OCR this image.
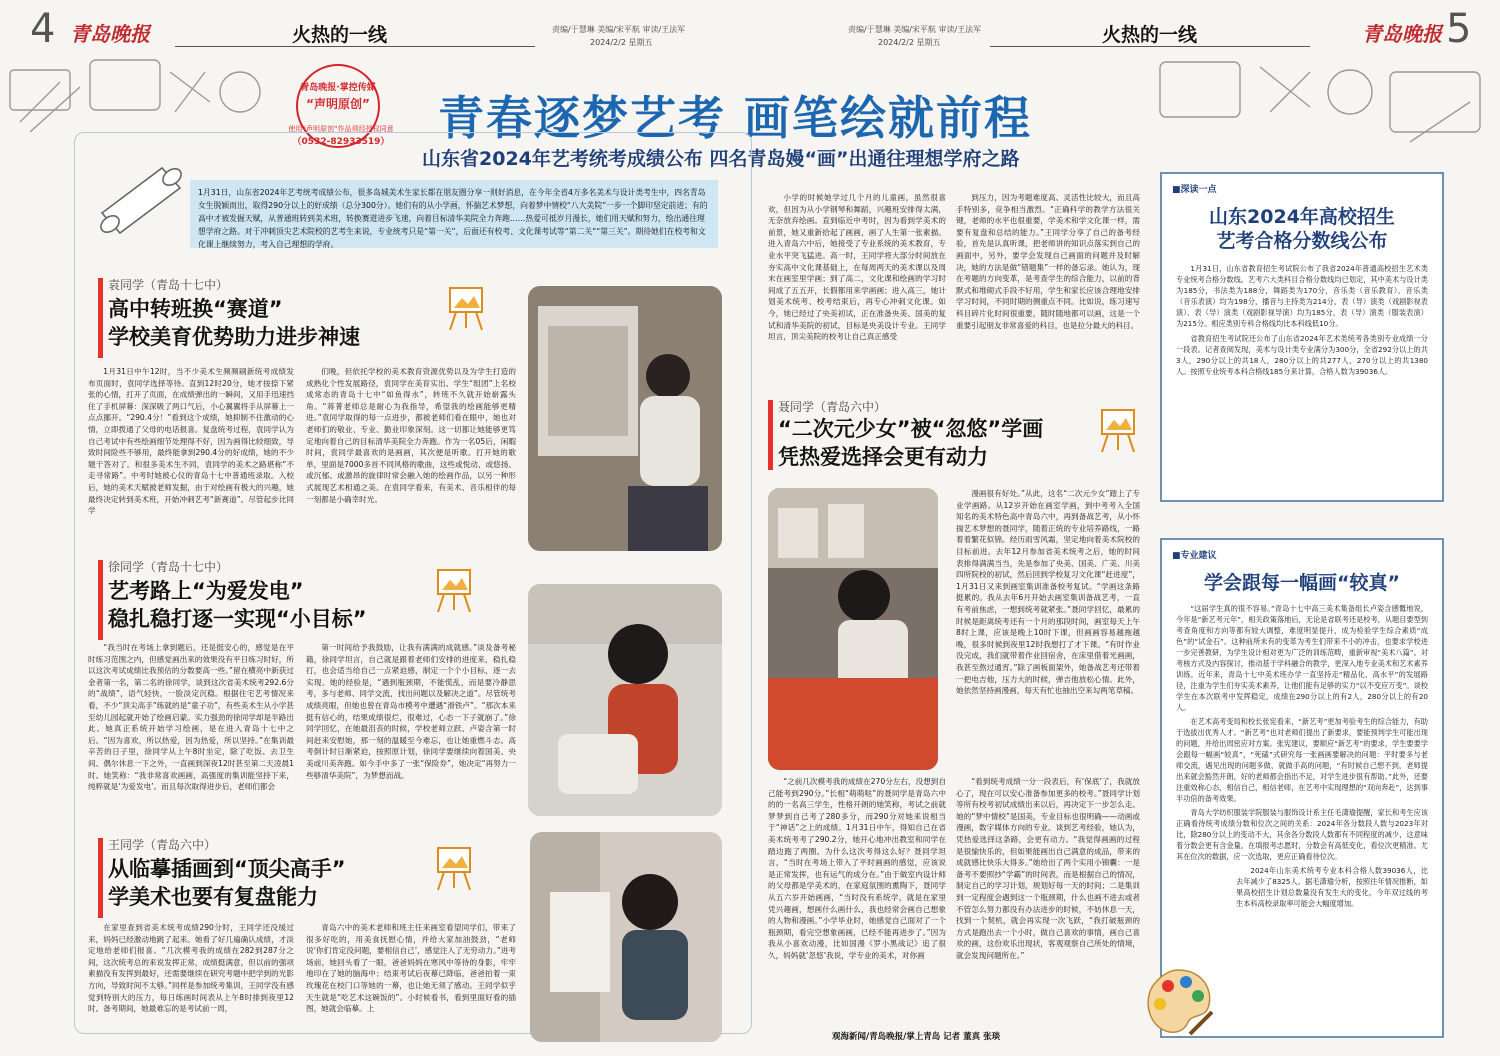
4 青岛晚报	火热的一线	责编/于慧琳 美编/宋平航 审读/王法军
2024/2/2 星期五
责编/于慧琳 美编/宋平航 审读/王法军
2024/2/2 星期五	火热的一线	青岛晚报 5
青岛晚报·掌控传媒
“声明原创”
使用“声明原创”作品须经授权同意
（0532-82933519） 青春逐梦艺考 画笔绘就前程
山东省2024年艺考统考成绩公布 四名青岛嫚“画”出通往理想学府之路
1月31日，山东省2024年艺考统考成绩公布，很多岛城美术生家长都在朋友圈分享一则好消息，在今年全省4万多名美术与设计类考生中，四名青岛女生脱颖而出，取得290分以上的好成绩（总分300分）。她们有的从小学画，怀揣艺术梦想，向着梦中情校“八大美院”一步一个脚印坚定前进；有的高中才被发掘天赋，从普通班转到美术班，转换赛道进步飞速，向着目标清华美院全力奔跑……热爱可抵岁月漫长，她们用天赋和努力，绘出通往理想学府之路。对于冲刺顶尖艺术院校的艺考生来说，专业统考只是“第一关”，后面还有校考、文化课考试等“第二关”“第三关”。期待她们在校考和文化课上继续努力，考入自己理想的学府。
袁同学（青岛十七中）
高中转班换“赛道”
学校美育优势助力进步神速

1月31日中午12时，当不少美术生频频刷新统考成绩发布页面时，袁同学选择等待。直到12时20分，她才按捺下紧张的心情，打开了页面，在成绩弹出的一瞬间，又用手迅速挡住了手机屏幕：深深吸了两口气后，小心翼翼将手从屏幕上一点点挪开。“290.4分！”看到这个成绩，她抑制不住激动的心情，立即拨通了父母的电话报喜。复盘统考过程，袁同学认为自己考试中有些绘画细节处理得不好，因为画得比较细致，导致时间险些不够用，最终能拿到290.4分的好成绩，她的不少题干答对了。和很多美术生不同，袁同学的美术之路堪称“不走寻常路”。中考时她被心仪的青岛十七中普通班录取。入校后，她的美术天赋被老师发掘，由于对绘画有极大的兴趣，她最终决定转到美术班，开始冲刺艺考“新赛道”。尽管起步比同学

们晚，但依托学校的美术教育资源优势以及为学生打造的成熟化个性发展路径，袁同学在美育实出、学生“组团”上名校成常态的青岛十七中“如鱼得水”，转班不久就开始崭露头角。“蒋菁老师总是耐心为我指导，希望我的绘画能够更精进。”袁同学取得的每一点进步，都被老师们看在眼中，她也对老师们的敬业、专业、勤业印象深刻。这一切都让她能够更笃定地向着自己的目标清华美院全力奔跑。作为一名05后，闲暇时间，袁同学最喜欢的是画画，其次便是听歌。打开她的歌单，里面是7000多首不同风格的歌曲，这些或悦动、或悠扬、或沉郁、或激昂的旋律时常会融入她的绘画作品，以另一种形式展现艺术相通之美。在袁同学看来，有美术、音乐相伴的每一刻都是小确幸时光。

徐同学（青岛十七中）
艺考路上“为爱发电”
稳扎稳打逐一实现“小目标”

“我当时在考场上拿到题后，还是挺安心的，感觉是在平时练习范围之内，但感觉画出来的效果没有平日练习时好，所以这次考试成绩比我预估的分数要高一些。”留在横亮中新获过金者第一名，第二名的徐同学，谈到这次省美术统考292.6分的“战绩”，语气轻快，一脸淡定沉稳。根据住宅艺考情况来看，不少“顶尖高手”练就的是“童子功”，有些美术生从小学甚至幼儿园起就开始了绘画启蒙。实力强劲的徐同学却是半路出此。她真正系统开始学习绘画，是在进入青岛十七中之后。“因为喜欢，所以热爱，因为热爱，所以坚持。”在集训最辛苦的日子里，徐同学从上午8时坐定，除了吃饭、去卫生间、偶尔休息一下之外，一直画到深夜12时甚至第二天凌晨1时。她笑称：“我非常喜欢画画，高强度的集训能坚持下来，纯粹就是‘为爱发电’。而且每次取得进步后，老师们都会

第一时间给予我鼓励，让我有满满的成就感。”谈及备考秘籍，徐同学坦言，自己就是跟着老师们安排的进度来，稳扎稳打，也会适当给自己一点紧迫感，制定一个个小目标，逐一去实现。她的经验是，“遇到瓶颈期，不能慌乱，而是要冷静思考，多与老师、同学交流，找出问题以及解决之道”。尽管统考成绩亮眼，但她也曾在青岛市模考中遭遇“滑铁卢”。“那次本来挺有信心的，结果成绩很烂，很难过，心态一下子就崩了。”徐同学回忆，在她最沮丧的时候，学校老师立跃、卢姿含第一时间赶来安慰她，那一刻的温暖至今难忘，也让她重燃斗志。高考倒计时日渐紧迫，按照原计划，徐同学要继续向着国美、央美或川美奔跑。如今手中多了一张“保险券”，她决定“再努力一些够清华美院”，为梦想而战。

王同学（青岛六中）
从临摹插画到“顶尖高手”
学美术也要有复盘能力

在家里查到省美术统考成绩290分时，王同学还没缓过来，妈妈已经激动地跳了起来。她看了好几遍确认成绩，才淡定地给老师们报喜。“几次模考我的成绩在282到287分之间，这次统考总的来说发挥正常，成绩挺满意，但以前的强项素描没有发挥到最好，还需要继续在研究考题中把学到的光影方向，导致时间不太够。”同样是参加统考集训，王同学没有感觉到特别大的压力，每日练画时间表从上午8时排到夜里12时。备考期间，她最难忘的是考试前一周，

青岛六中的美术老师和班主任来画室看望同学们，带来了很多好吃的，用美食抚慰心情，并给大家加油鼓劲，“老师说‘你们肯定没问题，要相信自己’，感觉注入了无穷动力。”进考场前，她回头看了一眼，爸爸妈妈在寒风中等待的身影，牢牢地印在了她的脑海中；结束考试后夜幕已降临，爸爸拍着一束玫瑰花在校门口等她的一幕，也让她无须了感动。王同学似乎天生就是“吃艺术这碗饭的”。小时候看书，看到里面好看的插图，她就会临摹。上

小学的时候她学过几个月的儿童画，虽然很喜欢，但因为从小学钢琴和舞蹈，兴趣班安排得太满，无奈放弃绘画。直到临近中考时，因为看到学美术的前景，她又重新拾起了画画，画了人生第一张素描。进入青岛六中后，她接受了专业系统的美术教育，专业水平突飞猛进。高一时，王同学将大部分时间放在夯实高中文化课基础上，在每周两天的美术课以及周末在画室里学画；到了高二，文化课和绘画的学习时间成了五五开，长假都用来学画画；进入高三，她计划美术统考、校考结束后，再专心冲刺文化课。如今，她已经过了央美初试，正在准备央美、国美的复试和清华美院的初试，目标是央美设计专业。王同学坦言，顶尖美院的校考让自己真正感受

到压力，因为考题难度高、灵活性比较大，而且高手特别多，竞争相当激烈。“正确科学的教学方法很关键，老师的水平也很重要，学美术和学文化课一样，需要有复盘和总结的能力。”王同学分享了自己的备考经验，首先是认真听课，把老师讲的知识点落实到自己的画面中，另外，要学会发现自己画面的问题并及时解决，她的方法是做“错题集”一样的备忘录。她认为，现在考题的方向变革，是考查学生的综合能力，以前的背默式和堆砌式手段不好用，学生和家长应该合理地安排学习时间，不同时期的侧重点不同。比如说，练习速写科目碎片化时间很重要，随时随地都可以画，这是一个重要引起朋友非常喜爱的科目，也是拉分最大的科目。

聂同学（青岛六中）
“二次元少女”被“忽悠”学画
凭热爱选择会更有动力

漫画很有好处。”从此，这名“二次元少女”踏上了专业学画路。从12岁开始在画室学画，到中考考入全国知名的美术特色高中青岛六中，再到备战艺考，从小怀揣艺术梦想的聂同学，随着正统的专业培养路线，一路着着繁花似锦。经历雨雪风霜，坚定地向着美术院校的目标前进。去年12月参加省美术统考之后，她的时间表排得满满当当，先是参加了央美、国美、广美、川美四所院校的初试，然后回到学校复习文化课“赶进度”，1月31日又来到画室集训准备校考复试。“学画这条路挺累的。我从去年6月开始去画室集训备战艺考，一直有考前焦虑，一想到统考就紧张。”聂同学回忆，最累的时候是距离统考还有一个月的那段时间，画室每天上午8时上课，应该是晚上10时下课，但画画容易越拖越晚，很多时候到夜里12时我想打了才下课。“有时作业没完成，我们就带着作业回宿舍，在床里借着光画画，我甚至熬过通宵。”除了画板面架外，她备战艺考还带着一把电吉他，压力大的时候，弹吉他放松心情。此外，她依然坚持画漫画，每天有忙也抽出空来勾两笔草稿。

“之前几次模考我的成绩在270分左右，没想到自己能考到290分。”长相“萌萌哒”的聂同学是青岛六中的的一名高三学生，性格开朗的她笑称，考试之前就梦梦到自己考了280多分，而290分对她来说相当于“神话”之上的成绩。1月31日中午，得知自己在省美术统考考了290.2分，她开心地冲出教室和同学在踏边跑了两圈。为什么这次考得这么好？聂同学坦言，“当时在考场上带入了平时画画的感觉，应该说是正常发挥，也有运气的成分在。”由于做室内设计师的父母都是学美术的，在家庭氛围的熏陶下，聂同学从五六岁开始画画，“当时没有系统学，就是在家里凭兴趣画，想画什么画什么，我也经常会画自己想象的人物和漫画。”小学毕业时，她感觉自己面对了一个瓶颈期，看完空想象画画，已经不能再进步了。”因为我从小喜欢动漫，比如国漫《罗小黑战记》追了很久，妈妈就‘忽悠’我说，学专业的美术，对你画

“看到统考成绩一分一段表后，有‘保底’了，我就放心了，现在可以安心准备参加更多的校考。”聂同学计划等所有校考初试成绩出来以后，再决定下一步怎么走。她的“梦中情校”是国美，专业目标也很明确——动画或漫画，数字媒体方向的专业。谈到艺考经验，她认为，凭热爱选择这条路，会更有动力。“我觉得画画的过程是很愉快乐的，但如果能画出自己满意的成品，带来的成就感比快乐大得多。”她给出了两个实用小锦囊：一是备考不要照抄“学霸”的时间表，而是根据自己的情况，制定自己的学习计划，规划好每一天的时间；二是集训到一定程度会遇到这一个瓶颈期，什么也画不进去或者不管怎么努力都没有办法进步的时候，不妨休息一天，找到一个契机，就会再实现一次飞跃，“我打破瓶颈的方式是跑出去一个小时，做自己喜欢的事情，画自己喜欢的画，这份欢乐出现状，客观观察自己所处的情境，就会发现问题所在。”

■深读一点
山东2024年高校招生
艺考合格分数线公布

1月31日，山东省教育招生考试院公布了我省2024年普通高校招生艺术类专业统考合格分数线。艺考六大类科目合格分数线均已划定，其中美术与设计类为185分，书法类为188分，舞蹈类为170分，音乐类（音乐教育）、音乐类（音乐表演）均为198分，播音与主持类为214分，表（导）演类（戏剧影视表演）、表（导）演类（戏剧影视导演）均为185分，表（导）演类（服装表演）为215分。相应类别专科合格线均比本科线低10分。

省教育招生考试院还公布了山东省2024年艺术类统考各类别专业成绩一分一段表。记者查阅发现，美术与设计类专业满分为300分，全省292分以上的共3人，290分以上的共18人，280分以上的共277人，270分以上的共1380人。按照专业统考本科合格线185分来计算，合格人数为39036人。

■专业建议
学会跟每一幅画“较真”

“这届学生真的很不容易。”青岛十七中高三美术集备组长卢姿含感慨地说，今年是“新艺考元年”，相关政策落地后，无论是省联考还是校考，从题目要型到考查角度和方向等都有较大调整，难度明显提升，成为检验学生综合素质“成色”的“试金石”。这种前所未有的变革为考生们带来不小的冲击，也要求学校进一步完善教研，为学生设计相对更为广泛的训练范畴，重新审视“美术八篇”。对考核方式及内容探讨，推动基于学科融合的教学，更深入地专业美术和艺术素养训练，近年来，青岛十七中美术班办学一直坚持走“精品化、高水平”的发展路径，注重为学生们夯实美术素养，让他们能有足够的实力“以不变应万变”。谈校学生在本次联考中发挥稳定，成绩在290分以上的有2人，280分以上的有20人。

在艺术高考变局和校长张宪看来，“新艺考”更加考验考生的综合能力，有助于选拔出优秀人才。“新艺考”也对老师们提出了新要求，要能预判学生可能出现的问题，并给出周密应对方案。张宪建议，要顺应“新艺考”的要求，学生要要学会跟每一幅画“较真”，“死磕”式研究每一张画画要解决的问题：平时要多与老师交流，遇见出现的问题多做、就做手高的问题，“有时候自己想不到，老师提出来就会豁然开朗，好的老师都会指出不足，对学生进步很有帮助。”此外，还要注重效称心态，相信自己，相信老师，在艺考中实现理想的“双向奔赴”，达到事半功倍的备考效果。

青岛大学纺织服装学院服装与服饰设计系主任毛潇瑜提醒，家长和考生应该正确看待统考成绩分数和位次之间的关系：2024年各分数段人数与2023年对比，除280分以上的变动不大，其余各分数段人数都有不同程度的减少，这意味着分数会更有含金量。在填报考志愿时，分数会有高低变化，看位次更精准。尤其在位次的数据，应一次选取，更应正确看待位次。

2024年山东美术统考专业本科合格人数39036人，比去年减少了8325人。据毛潇瑜分析，按照往年情况推断，如果高校招生计划总数量没有发生大的变化，今年双过线的考生本科高校录取率可能会大幅度增加。

观海新闻/青岛晚报/掌上青岛 记者 董真 张琰
